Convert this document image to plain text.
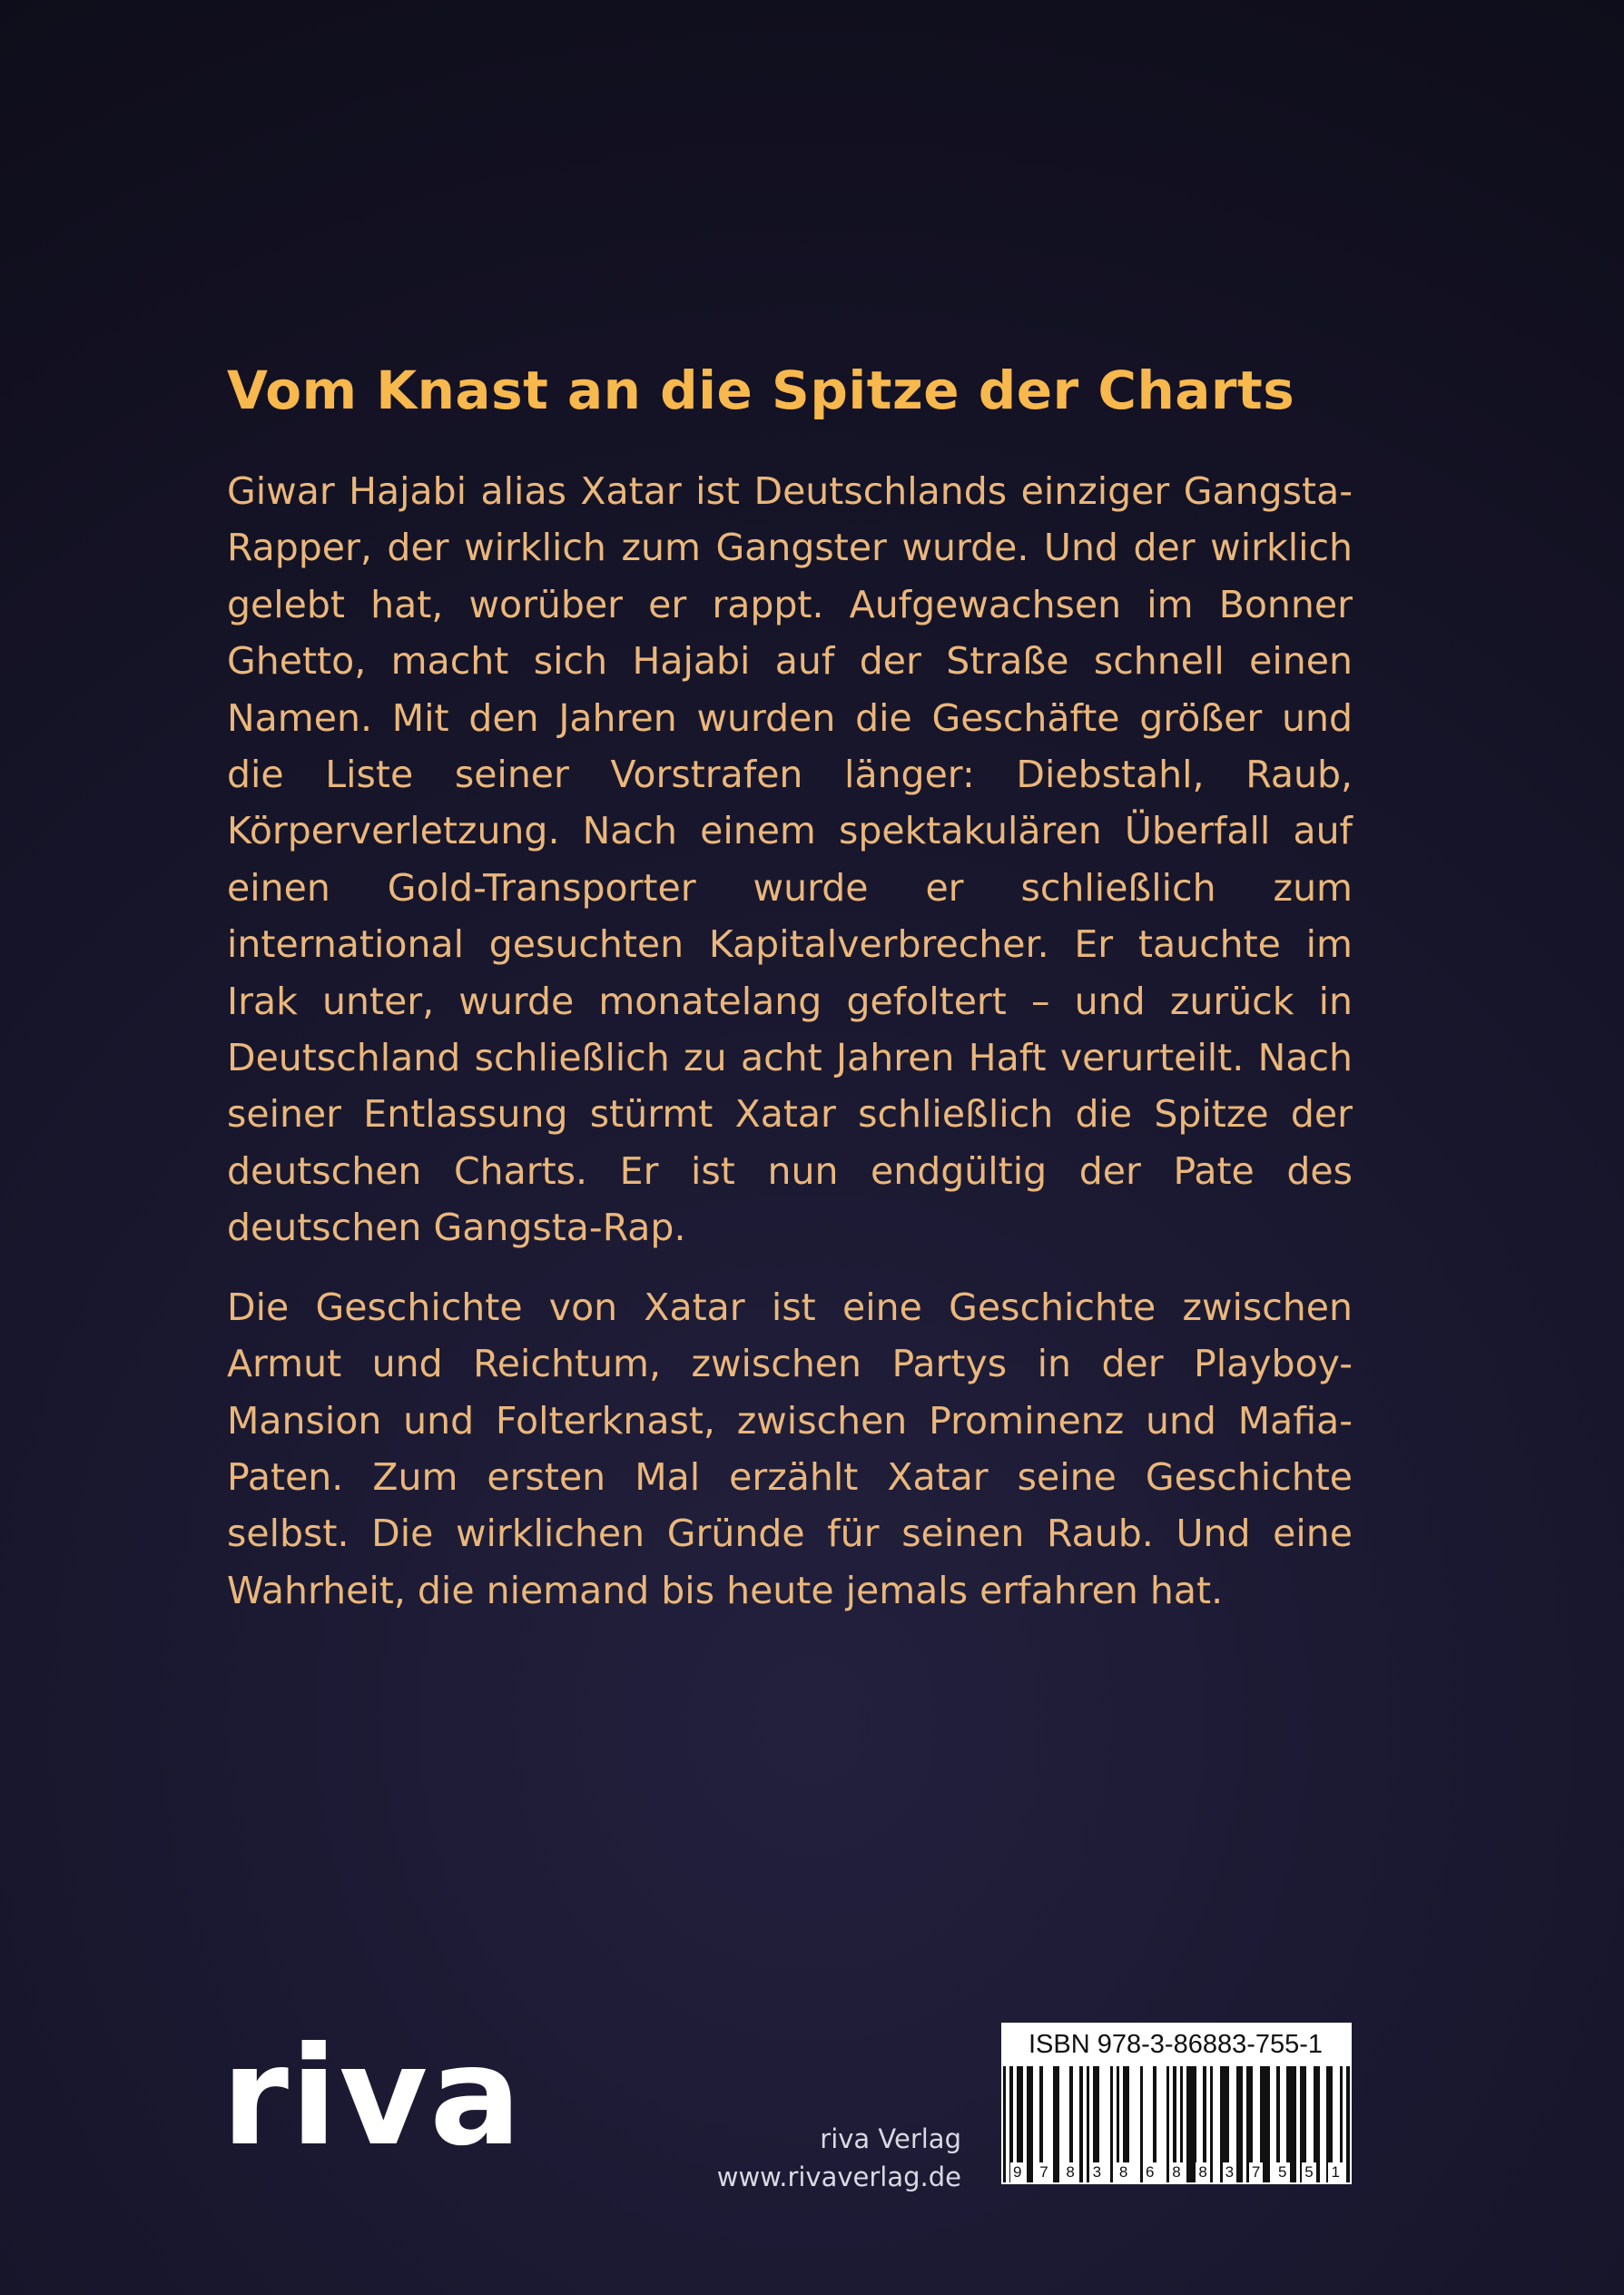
Vom Knast an die Spitze der Charts

Giwar Hajabi alias Xatar ist Deutschlands einziger Gangsta-Rapper, der wirklich zum Gangster wurde. Und der wirklich gelebt hat, worüber er rappt. Aufgewachsen im Bonner Ghetto, macht sich Hajabi auf der Straße schnell einen Namen. Mit den Jahren wurden die Geschäfte größer und die Liste seiner Vorstrafen länger: Diebstahl, Raub, Körperverletzung. Nach einem spektakulären Überfall auf einen Gold-Transporter wurde er schließlich zum international gesuchten Kapitalverbrecher. Er tauchte im Irak unter, wurde monatelang gefoltert – und zurück in Deutschland schließlich zu acht Jahren Haft verurteilt. Nach seiner Entlassung stürmt Xatar schließlich die Spitze der deutschen Charts. Er ist nun endgültig der Pate des deutschen Gangsta-Rap.

Die Geschichte von Xatar ist eine Geschichte zwischen Armut und Reichtum, zwischen Partys in der Playboy-Mansion und Folterknast, zwischen Prominenz und Mafia-Paten. Zum ersten Mal erzählt Xatar seine Geschichte selbst. Die wirklichen Gründe für seinen Raub. Und eine Wahrheit, die niemand bis heute jemals erfahren hat.

riva	riva Verlag
www.rivaverlag.de
ISBN 978-3-86883-755-1
9 7 8 3 8 6 8 8 3 7 5 5 1
